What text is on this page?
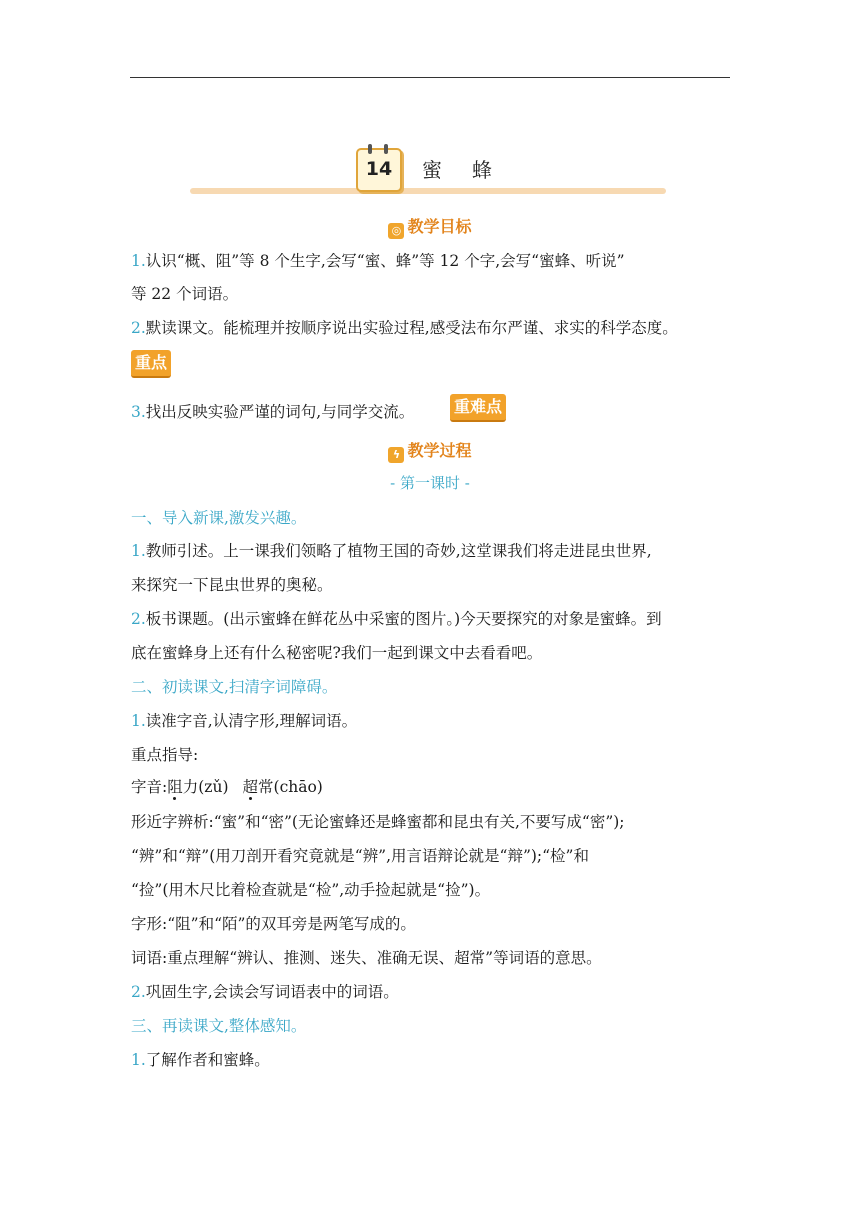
14	蜜蜂
◎ 教学目标
1.认识“概、阻”等 8 个生字,会写“蜜、蜂”等 12 个字,会写“蜜蜂、听说”
等 22 个词语。
2.默读课文。能梳理并按顺序说出实验过程,感受法布尔严谨、求实的科学态度。
重点
3.找出反映实验严谨的词句,与同学交流。 重难点
ϟ 教学过程
- 第一课时 -
一、导入新课,激发兴趣。
1.教师引述。上一课我们领略了植物王国的奇妙,这堂课我们将走进昆虫世界,
来探究一下昆虫世界的奥秘。
2.板书课题。(出示蜜蜂在鲜花丛中采蜜的图片。)今天要探究的对象是蜜蜂。到
底在蜜蜂身上还有什么秘密呢?我们一起到课文中去看看吧。
二、初读课文,扫清字词障碍。
1.读准字音,认清字形,理解词语。
重点指导:
字音:阻力(zǔ) 超常(chāo)
形近字辨析:“蜜”和“密”(无论蜜蜂还是蜂蜜都和昆虫有关,不要写成“密”);
“辨”和“辩”(用刀剖开看究竟就是“辨”,用言语辩论就是“辩”);“检”和
“捡”(用木尺比着检查就是“检”,动手捡起就是“捡”)。
字形:“阻”和“陌”的双耳旁是两笔写成的。
词语:重点理解“辨认、推测、迷失、准确无误、超常”等词语的意思。
2.巩固生字,会读会写词语表中的词语。
三、再读课文,整体感知。
1.了解作者和蜜蜂。
